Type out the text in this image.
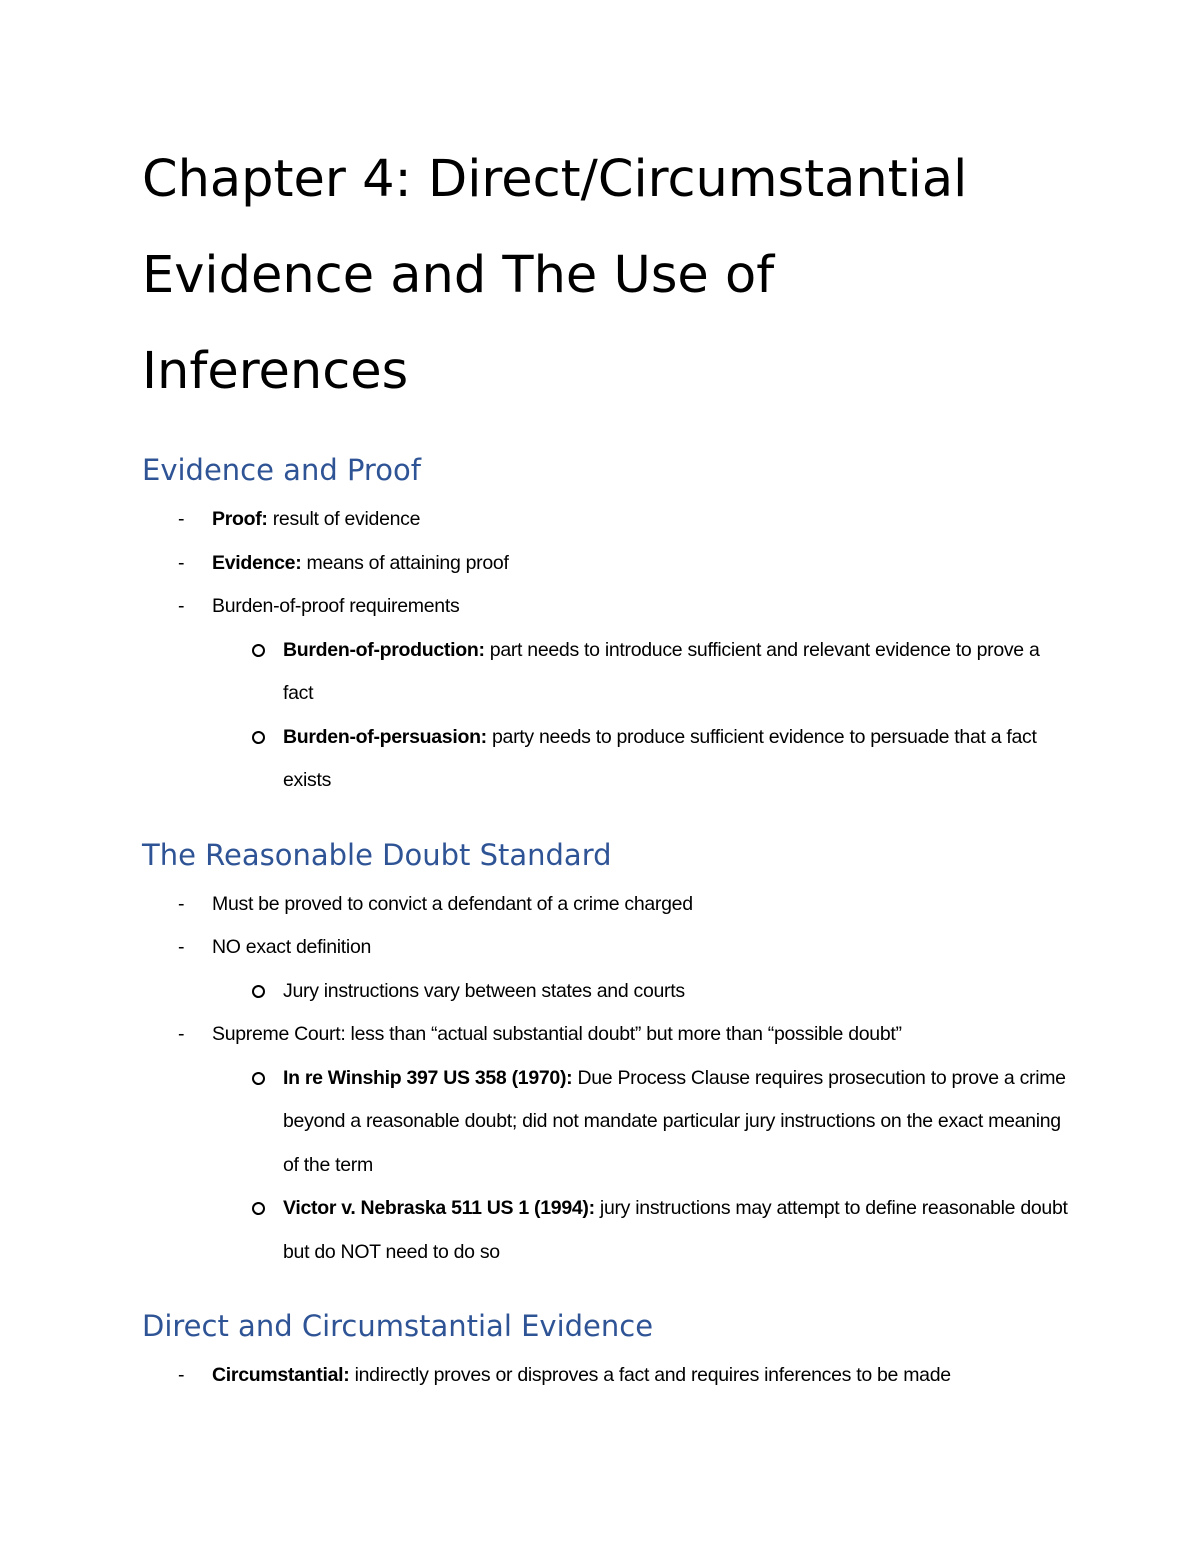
Chapter 4: Direct/Circumstantial
Evidence and The Use of
Inferences
Evidence and Proof
- Proof: result of evidence
- Evidence: means of attaining proof
- Burden-of-proof requirements
Burden-of-production: part needs to introduce sufficient and relevant evidence to prove a fact
Burden-of-persuasion: party needs to produce sufficient evidence to persuade that a fact exists
The Reasonable Doubt Standard
- Must be proved to convict a defendant of a crime charged
- NO exact definition
Jury instructions vary between states and courts
- Supreme Court: less than “actual substantial doubt” but more than “possible doubt”
In re Winship 397 US 358 (1970): Due Process Clause requires prosecution to prove a crime beyond a reasonable doubt; did not mandate particular jury instructions on the exact meaning of the term
Victor v. Nebraska 511 US 1 (1994): jury instructions may attempt to define reasonable doubt but do NOT need to do so
Direct and Circumstantial Evidence
- Circumstantial: indirectly proves or disproves a fact and requires inferences to be made
